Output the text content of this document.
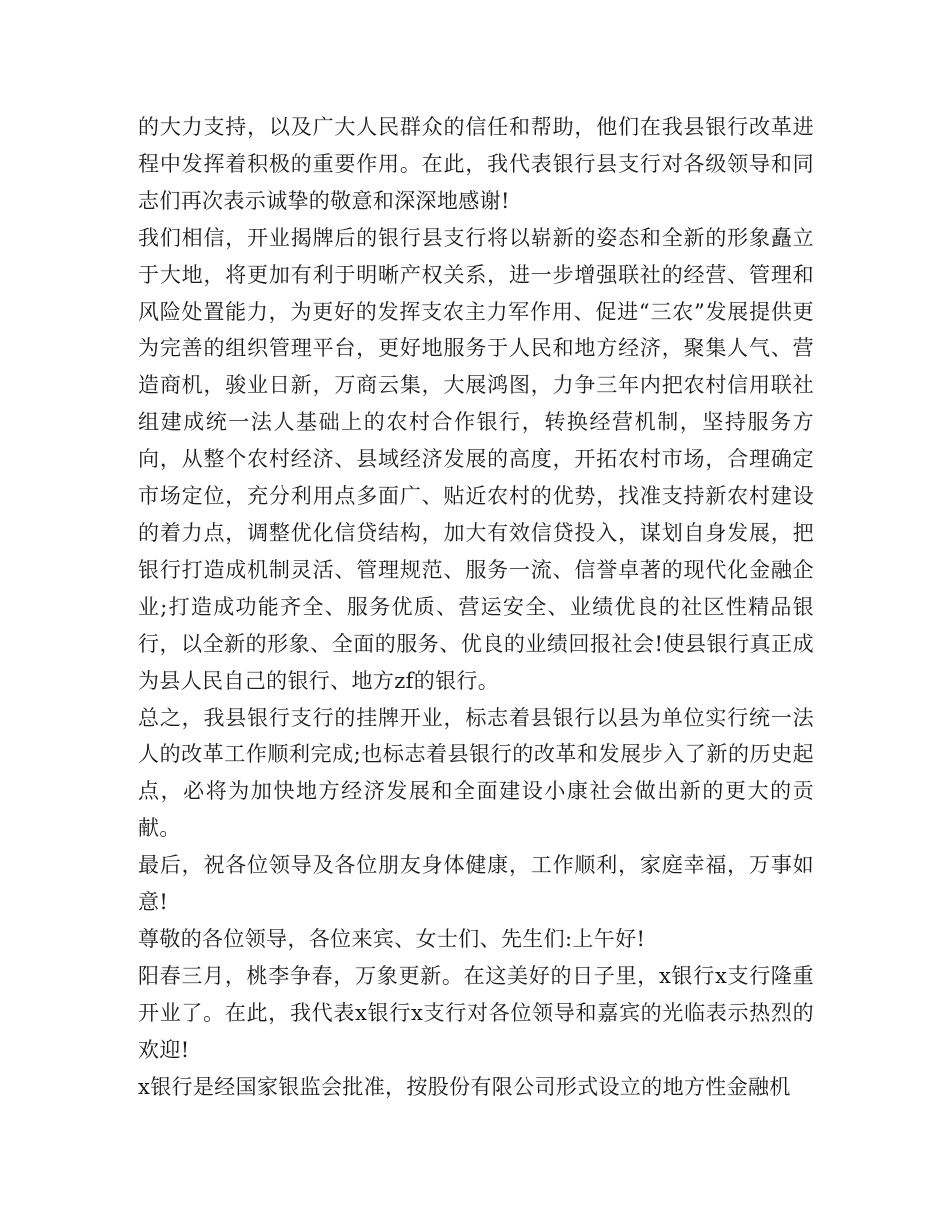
的大力支持，以及广大人民群众的信任和帮助，他们在我县银行改革进程中发挥着积极的重要作用。在此，我代表银行县支行对各级领导和同志们再次表示诚挚的敬意和深深地感谢!

我们相信，开业揭牌后的银行县支行将以崭新的姿态和全新的形象矗立于大地，将更加有利于明晰产权关系，进一步增强联社的经营、管理和风险处置能力，为更好的发挥支农主力军作用、促进“三农”发展提供更为完善的组织管理平台，更好地服务于人民和地方经济，聚集人气、营造商机，骏业日新，万商云集，大展鸿图，力争三年内把农村信用联社组建成统一法人基础上的农村合作银行，转换经营机制，坚持服务方向，从整个农村经济、县域经济发展的高度，开拓农村市场，合理确定市场定位，充分利用点多面广、贴近农村的优势，找准支持新农村建设的着力点，调整优化信贷结构，加大有效信贷投入，谋划自身发展，把银行打造成机制灵活、管理规范、服务一流、信誉卓著的现代化金融企业;打造成功能齐全、服务优质、营运安全、业绩优良的社区性精品银行，以全新的形象、全面的服务、优良的业绩回报社会!使县银行真正成为县人民自己的银行、地方zf的银行。

总之，我县银行支行的挂牌开业，标志着县银行以县为单位实行统一法人的改革工作顺利完成;也标志着县银行的改革和发展步入了新的历史起点，必将为加快地方经济发展和全面建设小康社会做出新的更大的贡献。

最后，祝各位领导及各位朋友身体健康，工作顺利，家庭幸福，万事如意!

尊敬的各位领导，各位来宾、女士们、先生们:上午好!

阳春三月，桃李争春，万象更新。在这美好的日子里，x银行x支行隆重开业了。在此，我代表x银行x支行对各位领导和嘉宾的光临表示热烈的欢迎!

x银行是经国家银监会批准，按股份有限公司形式设立的地方性金融机
